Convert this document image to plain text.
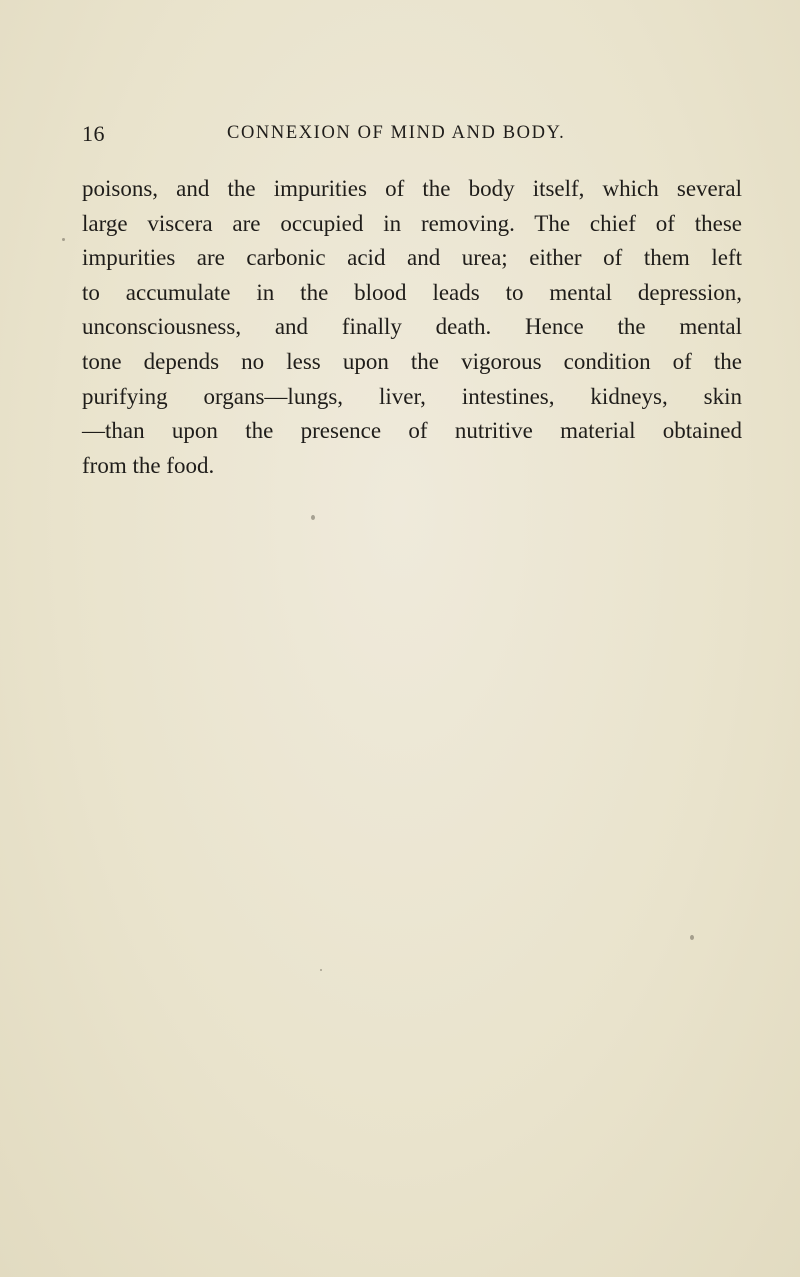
16	CONNEXION OF MIND AND BODY.
poisons, and the impurities of the body itself, which several
large viscera are occupied in removing. The chief of these
impurities are carbonic acid and urea; either of them left
to accumulate in the blood leads to mental depression,
unconsciousness, and finally death. Hence the mental
tone depends no less upon the vigorous condition of the
purifying organs—lungs, liver, intestines, kidneys, skin
—than upon the presence of nutritive material obtained
from the food.
